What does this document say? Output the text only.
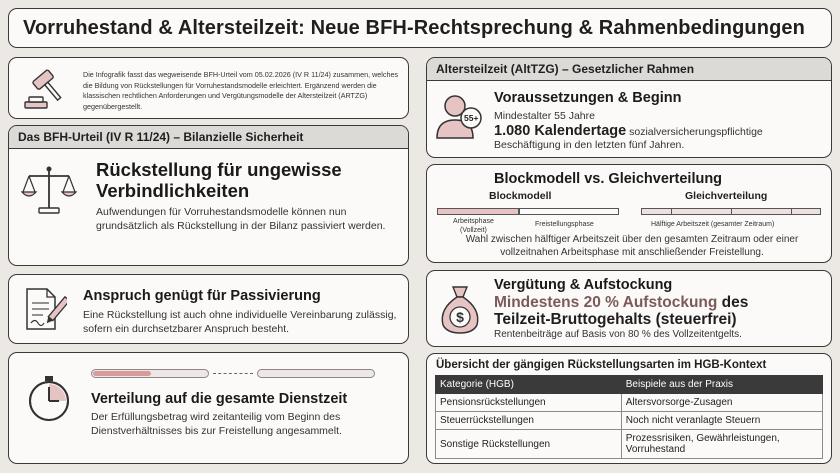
Vorruhestand & Altersteilzeit: Neue BFH-Rechtsprechung & Rahmenbedingungen
Die Infografik fasst das wegweisende BFH-Urteil vom 05.02.2026 (IV R 11/24) zusammen, welches die Bildung von Rückstellungen für Vorruhestandsmodelle erleichtert. Ergänzend werden die klassischen rechtlichen Anforderungen und Vergütungsmodelle der Altersteilzeit (ARTZG) gegenübergestellt.
Das BFH-Urteil (IV R 11/24) – Bilanzielle Sicherheit
Rückstellung für ungewisse Verbindlichkeiten
Aufwendungen für Vorruhestandsmodelle können nun grundsätzlich als Rückstellung in der Bilanz passiviert werden.
Anspruch genügt für Passivierung
Eine Rückstellung ist auch ohne individuelle Vereinbarung zulässig, sofern ein durchsetzbarer Anspruch besteht.
Verteilung auf die gesamte Dienstzeit
Der Erfüllungsbetrag wird zeitanteilig vom Beginn des Dienstverhältnisses bis zur Freistellung angesammelt.
Altersteilzeit (AltTZG) – Gesetzlicher Rahmen
55+
Voraussetzungen & Beginn
Mindestalter 55 Jahre
1.080 Kalendertage sozialversicherungspflichtige
Beschäftigung in den letzten fünf Jahren.
Blockmodell vs. Gleichverteilung
Blockmodell	Gleichverteilung
Arbeitsphase
(Vollzeit)
Freistellungsphase	Hälftige Arbeitszeit (gesamter Zeitraum)
Wahl zwischen hälftiger Arbeitszeit über den gesamten Zeitraum oder einer vollzeitnahen Arbeitsphase mit anschließender Freistellung.
$
Vergütung & Aufstockung
Mindestens 20 % Aufstockung des
Teilzeit-Bruttogehalts (steuerfrei)
Rentenbeiträge auf Basis von 80 % des Vollzeitentgelts.
Übersicht der gängigen Rückstellungsarten im HGB-Kontext
Kategorie (HGB)	Beispiele aus der Praxis
Pensionsrückstellungen	Altersvorsorge-Zusagen
Steuerrückstellungen	Noch nicht veranlagte Steuern
Sonstige Rückstellungen	Prozessrisiken, Gewährleistungen, Vorruhestand
